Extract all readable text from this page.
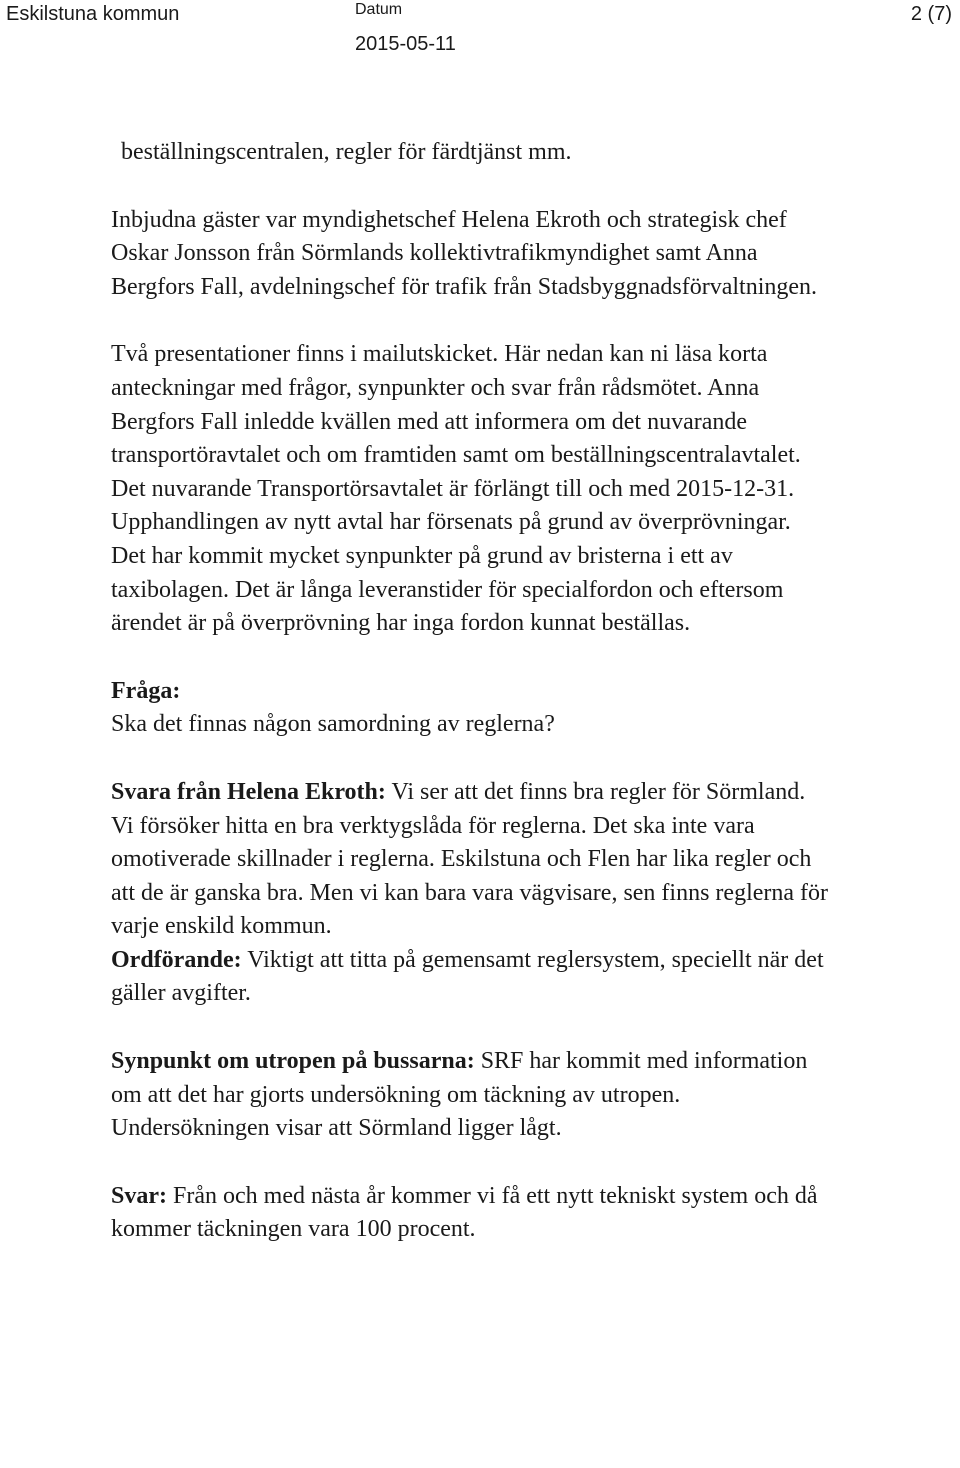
Eskilstuna kommun	Datum
2015-05-11
2 (7)

beställningscentralen, regler för färdtjänst mm.

Inbjudna gäster var myndighetschef Helena Ekroth och strategisk chef Oskar Jonsson från Sörmlands kollektivtrafikmyndighet samt Anna Bergfors Fall, avdelningschef för trafik från Stadsbyggnadsförvaltningen.

Två presentationer finns i mailutskicket. Här nedan kan ni läsa korta anteckningar med frågor, synpunkter och svar från rådsmötet. Anna Bergfors Fall inledde kvällen med att informera om det nuvarande transportöravtalet och om framtiden samt om beställningscentralavtalet. Det nuvarande Transportörsavtalet är förlängt till och med 2015-12-31. Upphandlingen av nytt avtal har försenats på grund av överprövningar. Det har kommit mycket synpunkter på grund av bristerna i ett av taxibolagen. Det är långa leveranstider för specialfordon och eftersom ärendet är på överprövning har inga fordon kunnat beställas.

Fråga:
Ska det finnas någon samordning av reglerna?

Svara från Helena Ekroth: Vi ser att det finns bra regler för Sörmland. Vi försöker hitta en bra verktygslåda för reglerna. Det ska inte vara omotiverade skillnader i reglerna. Eskilstuna och Flen har lika regler och att de är ganska bra. Men vi kan bara vara vägvisare, sen finns reglerna för varje enskild kommun.

Ordförande: Viktigt att titta på gemensamt reglersystem, speciellt när det gäller avgifter.

Synpunkt om utropen på bussarna: SRF har kommit med information om att det har gjorts undersökning om täckning av utropen. Undersökningen visar att Sörmland ligger lågt.

Svar: Från och med nästa år kommer vi få ett nytt tekniskt system och då kommer täckningen vara 100 procent.
